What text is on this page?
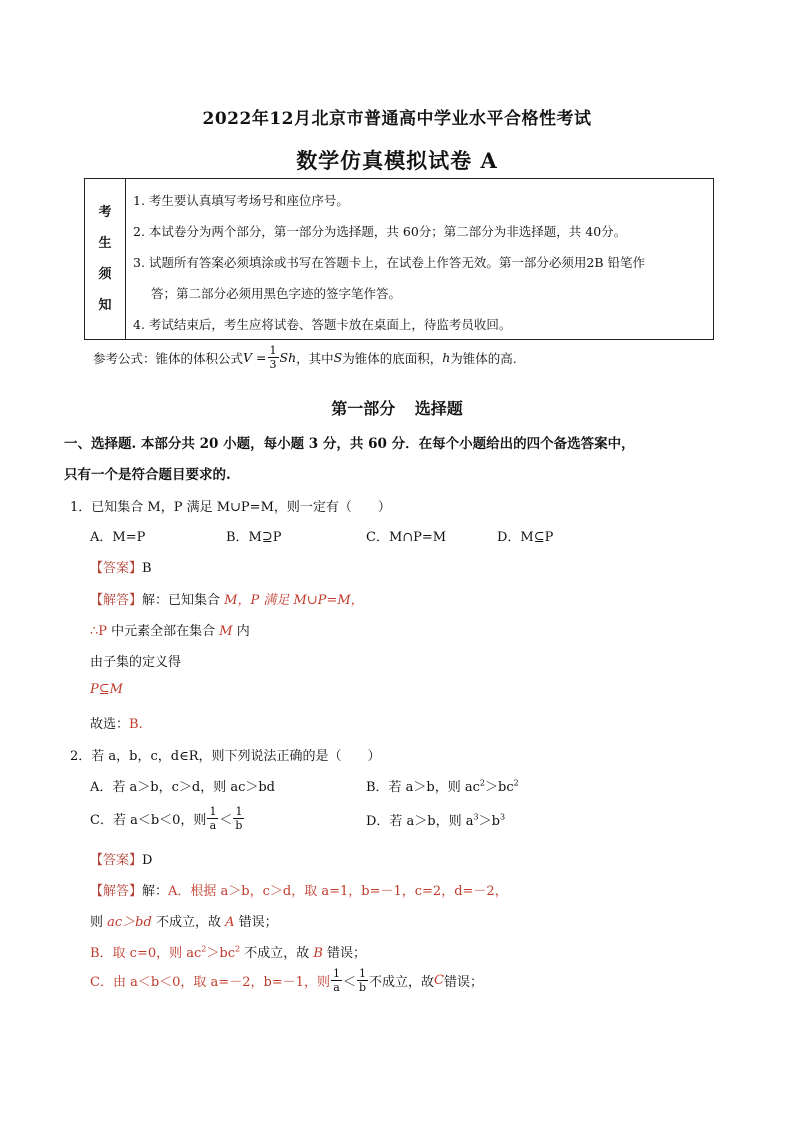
2022年12月北京市普通高中学业水平合格性考试
数学仿真模拟试卷 A
考
生
须
知
1. 考生要认真填写考场号和座位序号。
2. 本试卷分为两个部分，第一部分为选择题，共 60分；第二部分为非选择题，共 40分。
3. 试题所有答案必须填涂或书写在答题卡上，在试卷上作答无效。第一部分必须用2B 铅笔作
答；第二部分必须用黑色字迹的签字笔作答。
4. 考试结束后，考生应将试卷、答题卡放在桌面上，待监考员收回。
参考公式：锥体的体积公式 $V = \frac{1}{3}$ Sh ，其中 S 为锥体的底面积， h 为锥体的高.
第一部分 选择题
一、选择题. 本部分共 20 小题，每小题 3 分，共 60 分．在每个小题给出的四个备选答案中，
只有一个是符合题目要求的.
1．已知集合 M，P 满足 M∪P=M，则一定有（　　）
A．M=P	B．M⊇P	C．M∩P=M	D．M⊆P
【答案】B
【解答】解：已知集合 M，P 满足 M∪P=M，
∴P 中元素全部在集合 M 内
由子集的定义得
P⊆M
故选：B.
2．若 a，b，c，d∈R，则下列说法正确的是（　　）
A．若 a＞b，c＞d，则 ac＞bd	B．若 a＞b，则 $ac^2>bc^2$
C．若 a＜b＜0，则 $\frac{1}{a} < \frac{1}{b}$	D．若 a＞b，则 $a^3>b^3$
【答案】D
【解答】解：A．根据 a＞b，c＞d，取 a=1，b=－1，c=2，d=－2，
则 ac＞bd 不成立，故 A 错误；
B．取 c=0，则 $ac^2>bc^2$ 不成立，故 B 错误；
C．由 a＜b＜0，取 a=－2，b=－1，则 $\frac{1}{a} < \frac{1}{b}$ 不成立，故 C 错误；
